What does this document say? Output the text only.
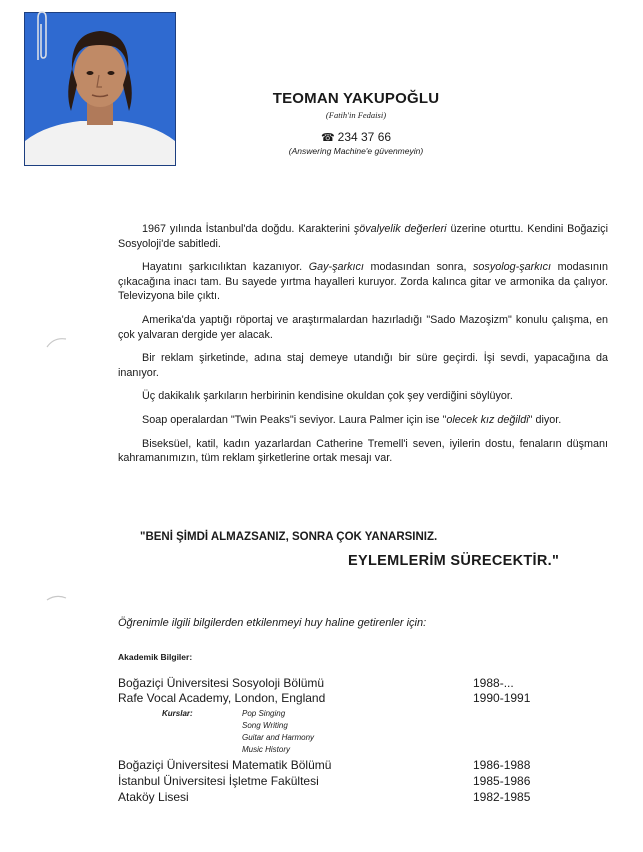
TEOMAN YAKUPOĞLU
(Fatih'in Fedaisi)
☎ 234 37 66
(Answering Machine'e güvenmeyin)

1967 yılında İstanbul'da doğdu. Karakterini şövalyelik değerleri üzerine oturttu. Kendini Boğaziçi Sosyoloji'de sabitledi.

Hayatını şarkıcılıktan kazanıyor. Gay-şarkıcı modasından sonra, sosyolog-şarkıcı modasının çıkacağına inacı tam. Bu sayede yırtma hayalleri kuruyor. Zorda kalınca gitar ve armonika da çalıyor. Televizyona bile çıktı.

Amerika'da yaptığı röportaj ve araştırmalardan hazırladığı "Sado Mazoşizm" konulu çalışma, en çok yalvaran dergide yer alacak.

Bir reklam şirketinde, adına staj demeye utandığı bir süre geçirdi. İşi sevdi, yapacağına da inanıyor.

Üç dakikalık şarkıların herbirinin kendisine okuldan çok şey verdiğini söylüyor.

Soap operalardan "Twin Peaks"i seviyor. Laura Palmer için ise "olecek kız değildi" diyor.

Biseksüel, katil, kadın yazarlardan Catherine Tremell'i seven, iyilerin dostu, fenaların düşmanı kahramanımızın, tüm reklam şirketlerine ortak mesajı var.

"BENİ ŞİMDİ ALMAZSANIZ, SONRA ÇOK YANARSINIZ.
EYLEMLERİM SÜRECEKTİR."
Öğrenimle ilgili bilgilerden etkilenmeyi huy haline getirenler için:
Akademik Bilgiler:
Boğaziçi Üniversitesi Sosyoloji Bölümü	1988-...
Rafe Vocal Academy, London, England	1990-1991
Kurslar:	Pop Singing
Song Writing
Guitar and Harmony
Music History
Boğaziçi Üniversitesi Matematik Bölümü	1986-1988
İstanbul Üniversitesi İşletme Fakültesi	1985-1986
Ataköy Lisesi	1982-1985
